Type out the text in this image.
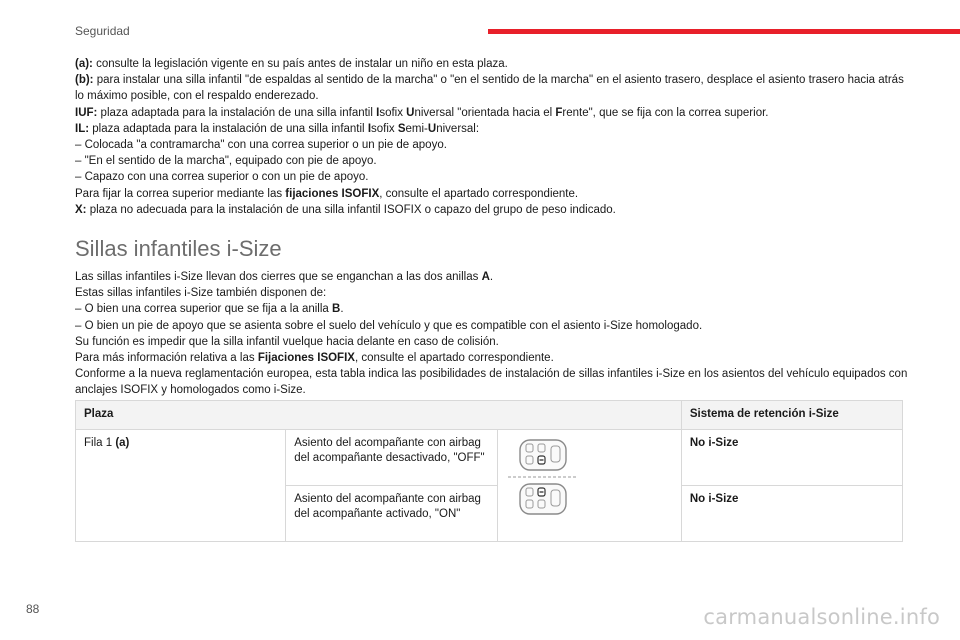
Seguridad

(a): consulte la legislación vigente en su país antes de instalar un niño en esta plaza.

(b): para instalar una silla infantil "de espaldas al sentido de la marcha" o "en el sentido de la marcha" en el asiento trasero, desplace el asiento trasero hacia atrás lo máximo posible, con el respaldo enderezado.

IUF: plaza adaptada para la instalación de una silla infantil Isofix Universal "orientada hacia el Frente", que se fija con la correa superior.

IL: plaza adaptada para la instalación de una silla infantil Isofix Semi-Universal:

– Colocada "a contramarcha" con una correa superior o un pie de apoyo.

– "En el sentido de la marcha", equipado con pie de apoyo.

– Capazo con una correa superior o con un pie de apoyo.

Para fijar la correa superior mediante las fijaciones ISOFIX, consulte el apartado correspondiente.

X: plaza no adecuada para la instalación de una silla infantil ISOFIX o capazo del grupo de peso indicado.

Sillas infantiles i-Size

Las sillas infantiles i-Size llevan dos cierres que se enganchan a las dos anillas A.

Estas sillas infantiles i-Size también disponen de:

– O bien una correa superior que se fija a la anilla B.

– O bien un pie de apoyo que se asienta sobre el suelo del vehículo y que es compatible con el asiento i-Size homologado.

Su función es impedir que la silla infantil vuelque hacia delante en caso de colisión.

Para más información relativa a las Fijaciones ISOFIX, consulte el apartado correspondiente.

Conforme a la nueva reglamentación europea, esta tabla indica las posibilidades de instalación de sillas infantiles i-Size en los asientos del vehículo equipados con anclajes ISOFIX y homologados como i-Size.

Plaza			Sistema de retención i-Size
Fila 1 (a)	Asiento del acompañante con airbag del acompañante desactivado, "OFF"		No i-Size
	Asiento del acompañante con airbag del acompañante activado, "ON"		No i-Size
88	carmanualsonline.info
